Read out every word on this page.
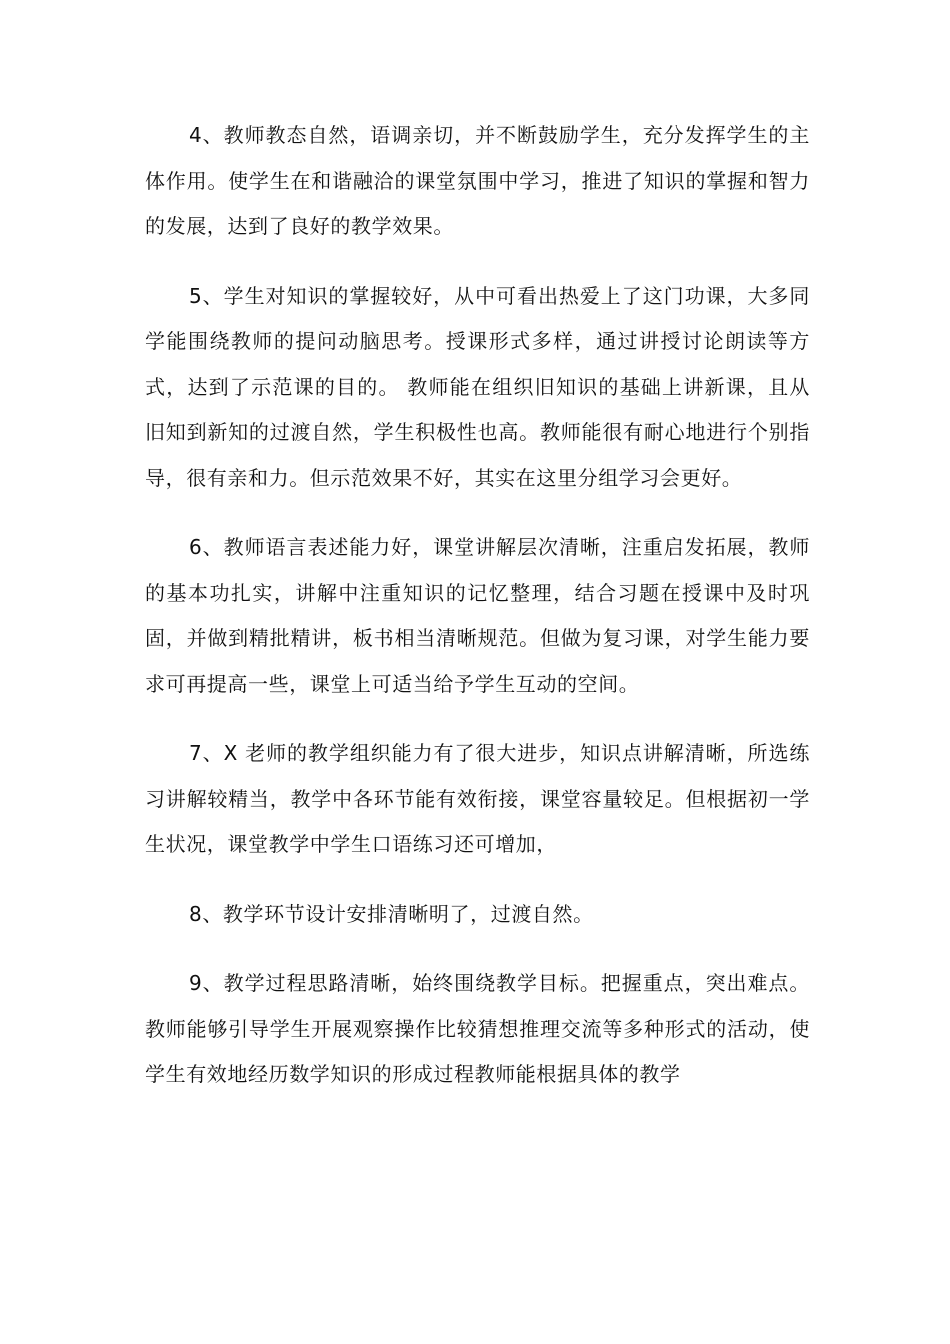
4、教师教态自然，语调亲切，并不断鼓励学生，充分发挥学生的主体作用。使学生在和谐融洽的课堂氛围中学习，推进了知识的掌握和智力的发展，达到了良好的教学效果。

5、学生对知识的掌握较好，从中可看出热爱上了这门功课，大多同学能围绕教师的提问动脑思考。授课形式多样，通过讲授讨论朗读等方式，达到了示范课的目的。 教师能在组织旧知识的基础上讲新课，且从旧知到新知的过渡自然，学生积极性也高。教师能很有耐心地进行个别指导，很有亲和力。但示范效果不好，其实在这里分组学习会更好。

6、教师语言表述能力好，课堂讲解层次清晰，注重启发拓展，教师的基本功扎实，讲解中注重知识的记忆整理，结合习题在授课中及时巩固，并做到精批精讲，板书相当清晰规范。但做为复习课，对学生能力要求可再提高一些，课堂上可适当给予学生互动的空间。

7、X 老师的教学组织能力有了很大进步，知识点讲解清晰，所选练习讲解较精当，教学中各环节能有效衔接，课堂容量较足。但根据初一学生状况，课堂教学中学生口语练习还可增加，

8、教学环节设计安排清晰明了，过渡自然。

9、教学过程思路清晰，始终围绕教学目标。把握重点，突出难点。教师能够引导学生开展观察操作比较猜想推理交流等多种形式的活动，使学生有效地经历数学知识的形成过程教师能根据具体的教学
